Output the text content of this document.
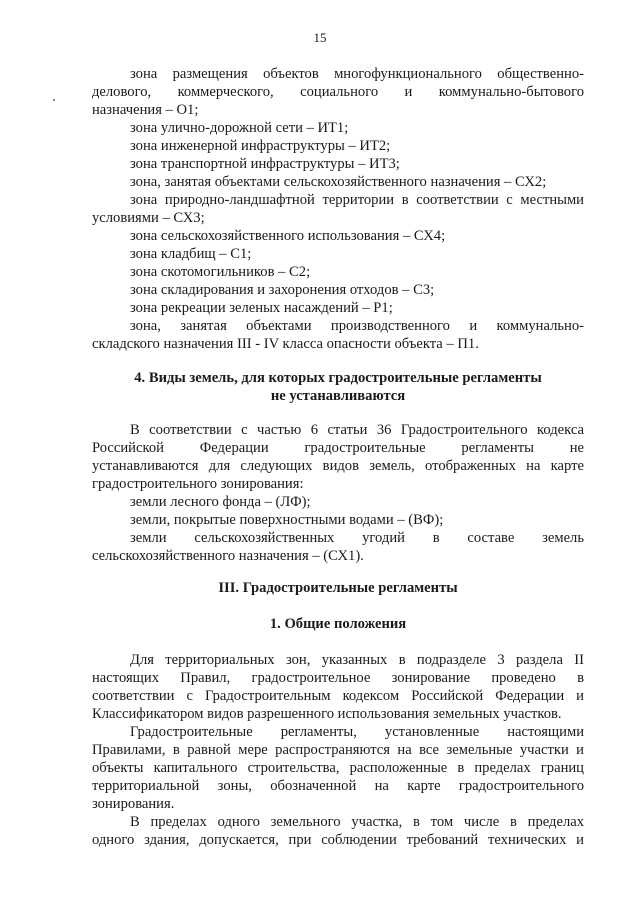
15
зона размещения объектов многофункционального общественно-
делового, коммерческого, социального и коммунально-бытового
назначения – О1;
зона улично-дорожной сети – ИТ1;
зона инженерной инфраструктуры – ИТ2;
зона транспортной инфраструктуры – ИТ3;
зона, занятая объектами сельскохозяйственного назначения – СХ2;
зона природно-ландшафтной территории в соответствии с местными
условиями – СХ3;
зона сельскохозяйственного использования – СХ4;
зона кладбищ – С1;
зона скотомогильников – С2;
зона складирования и захоронения отходов – С3;
зона рекреации зеленых насаждений – Р1;
зона, занятая объектами производственного и коммунально-
складского назначения III - IV класса опасности объекта – П1.
4. Виды земель, для которых градостроительные регламенты
не устанавливаются
В соответствии с частью 6 статьи 36 Градостроительного кодекса
Российской Федерации градостроительные регламенты не
устанавливаются для следующих видов земель, отображенных на карте
градостроительного зонирования:
земли лесного фонда – (ЛФ);
земли, покрытые поверхностными водами – (ВФ);
земли сельскохозяйственных угодий в составе земель
сельскохозяйственного назначения – (СХ1).
III. Градостроительные регламенты
1. Общие положения
Для территориальных зон, указанных в подразделе 3 раздела II
настоящих Правил, градостроительное зонирование проведено в
соответствии с Градостроительным кодексом Российской Федерации и
Классификатором видов разрешенного использования земельных участков.
Градостроительные регламенты, установленные настоящими
Правилами, в равной мере распространяются на все земельные участки и
объекты капитального строительства, расположенные в пределах границ
территориальной зоны, обозначенной на карте градостроительного
зонирования.
В пределах одного земельного участка, в том числе в пределах
одного здания, допускается, при соблюдении требований технических и
